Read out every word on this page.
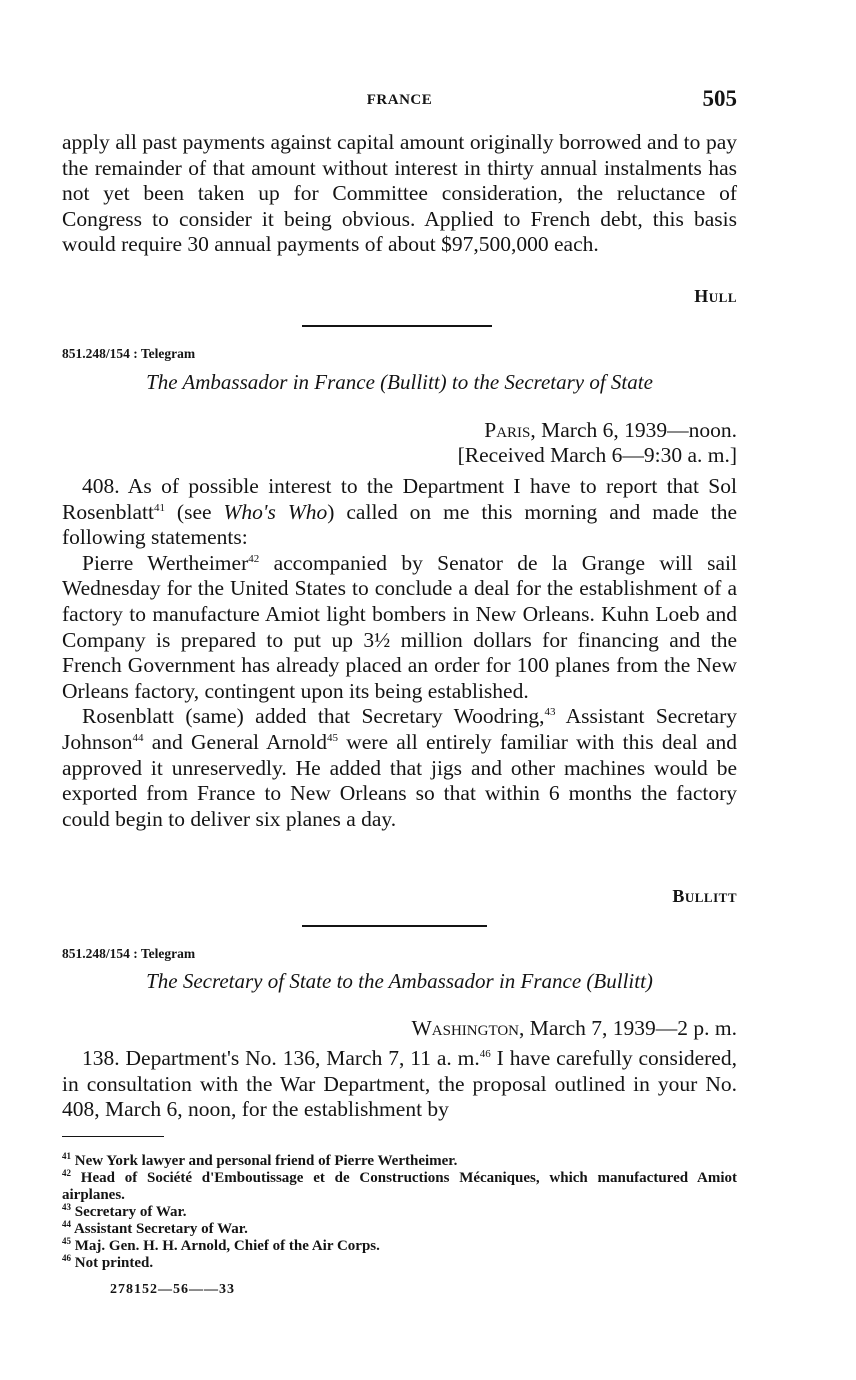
FRANCE	505

apply all past payments against capital amount originally borrowed and to pay the remainder of that amount without interest in thirty annual instalments has not yet been taken up for Committee consideration, the reluctance of Congress to consider it being obvious. Applied to French debt, this basis would require 30 annual payments of about $97,500,000 each.

Hull
851.248/154 : Telegram
The Ambassador in France (Bullitt) to the Secretary of State
Paris, March 6, 1939—noon.
[Received March 6—9:30 a. m.]

408. As of possible interest to the Department I have to report that Sol Rosenblatt$^{41}$ (see Who's Who) called on me this morning and made the following statements:

Pierre Wertheimer$^{42}$ accompanied by Senator de la Grange will sail Wednesday for the United States to conclude a deal for the establishment of a factory to manufacture Amiot light bombers in New Orleans. Kuhn Loeb and Company is prepared to put up 3½ million dollars for financing and the French Government has already placed an order for 100 planes from the New Orleans factory, contingent upon its being established.

Rosenblatt (same) added that Secretary Woodring,$^{43}$ Assistant Secretary Johnson$^{44}$ and General Arnold$^{45}$ were all entirely familiar with this deal and approved it unreservedly. He added that jigs and other machines would be exported from France to New Orleans so that within 6 months the factory could begin to deliver six planes a day.

Bullitt
851.248/154 : Telegram
The Secretary of State to the Ambassador in France (Bullitt)
Washington, March 7, 1939—2 p. m.

138. Department's No. 136, March 7, 11 a. m.$^{46}$ I have carefully considered, in consultation with the War Department, the proposal outlined in your No. 408, March 6, noon, for the establishment by

$^{41}$ New York lawyer and personal friend of Pierre Wertheimer.

$^{42}$ Head of Société d'Emboutissage et de Constructions Mécaniques, which manufactured Amiot airplanes.

$^{43}$ Secretary of War.

$^{44}$ Assistant Secretary of War.

$^{45}$ Maj. Gen. H. H. Arnold, Chief of the Air Corps.

$^{46}$ Not printed.

278152—56——33
